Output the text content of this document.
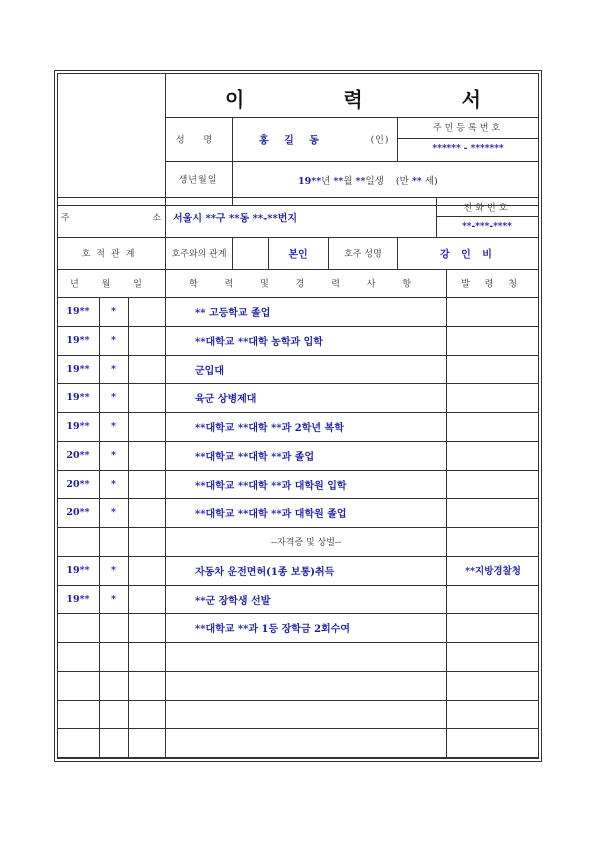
이 력 서
성 명	홍 길 동	(인)
주민등록번호
****** - *******
생년월일	19**년 **월 **일생 (만 ** 세)
주 소
서울시 **구 **동 **-**번지
전화번호
**-***-****
호적관계	호주와의 관계	본인	호주 성명	강 인 비
년 월 일	학 력 및 경 력 사 항	발 령 청
19**	*	** 고등학교 졸업
19**	*	**대학교 **대학 농학과 입학
19**	*	군입대
19**	*	육군 상병제대
19**	*	**대학교 **대학 **과 2학년 복학
20**	*	**대학교 **대학 **과 졸업
20**	*	**대학교 **대학 **과 대학원 입학
20**	*	**대학교 **대학 **과 대학원 졸업
19**	*	자동차 운전면허(1종 보통)취득	**지방경찰청
19**	*	**군 장학생 선발
**대학교 **과 1등 장학금 2회수여
--자격증 및 상벌--
